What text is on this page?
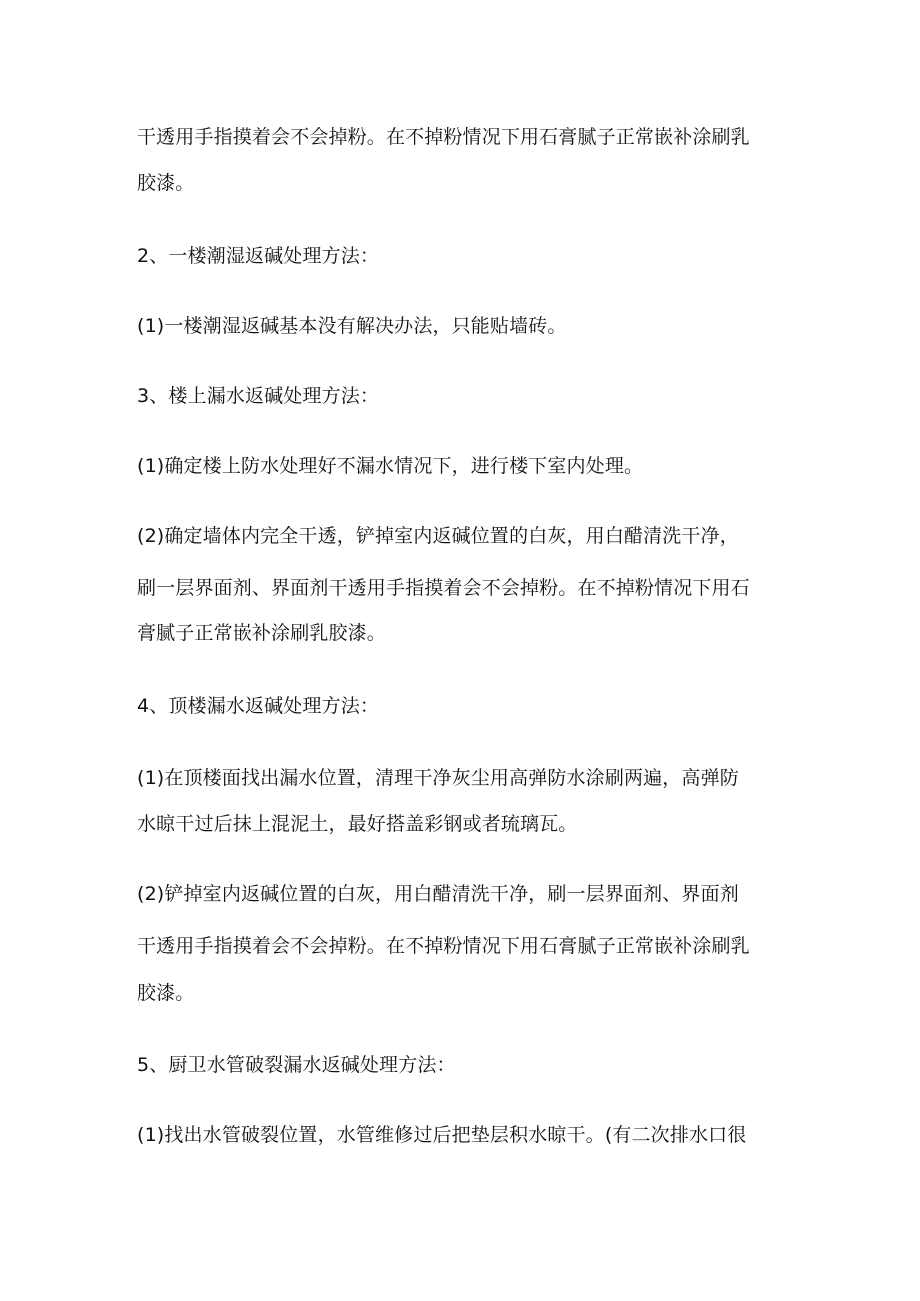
干透用手指摸着会不会掉粉。在不掉粉情况下用石膏腻子正常嵌补涂刷乳
胶漆。
2、一楼潮湿返碱处理方法：
(1)一楼潮湿返碱基本没有解决办法，只能贴墙砖。
3、楼上漏水返碱处理方法：
(1)确定楼上防水处理好不漏水情况下，进行楼下室内处理。
(2)确定墙体内完全干透，铲掉室内返碱位置的白灰，用白醋清洗干净，
刷一层界面剂、界面剂干透用手指摸着会不会掉粉。在不掉粉情况下用石
膏腻子正常嵌补涂刷乳胶漆。
4、顶楼漏水返碱处理方法：
(1)在顶楼面找出漏水位置，清理干净灰尘用高弹防水涂刷两遍，高弹防
水晾干过后抹上混泥土，最好搭盖彩钢或者琉璃瓦。
(2)铲掉室内返碱位置的白灰，用白醋清洗干净，刷一层界面剂、界面剂
干透用手指摸着会不会掉粉。在不掉粉情况下用石膏腻子正常嵌补涂刷乳
胶漆。
5、厨卫水管破裂漏水返碱处理方法：
(1)找出水管破裂位置，水管维修过后把垫层积水晾干。(有二次排水口很
